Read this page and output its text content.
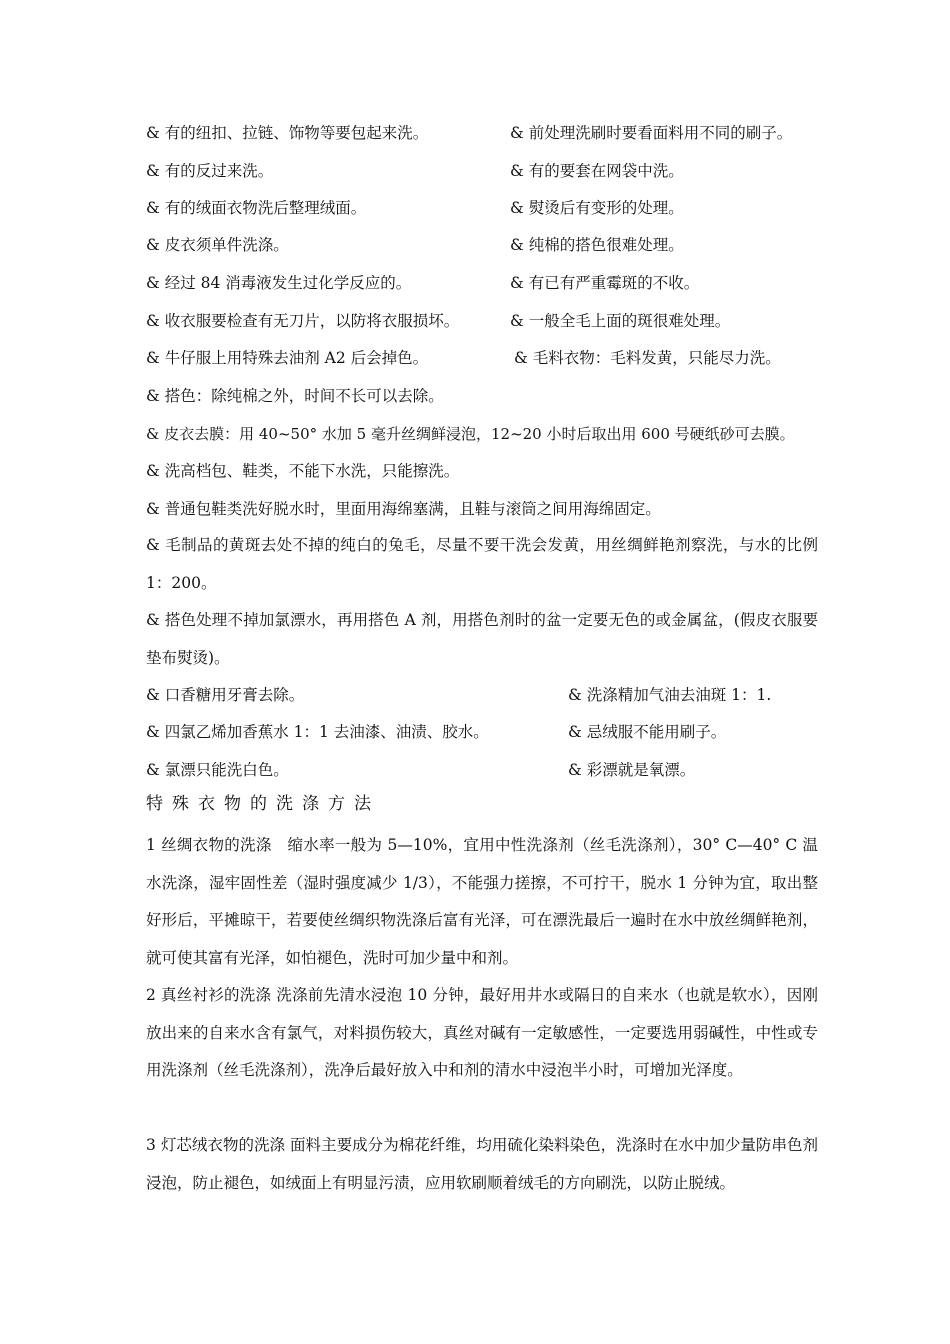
& 有的纽扣、拉链、饰物等要包起来洗。	& 前处理洗刷时要看面料用不同的刷子。
& 有的反过来洗。	& 有的要套在网袋中洗。
& 有的绒面衣物洗后整理绒面。	& 熨烫后有变形的处理。
& 皮衣须单件洗涤。	& 纯棉的搭色很难处理。
& 经过 84 消毒液发生过化学反应的。	& 有已有严重霉斑的不收。
& 收衣服要检查有无刀片，以防将衣服损坏。	& 一般全毛上面的斑很难处理。
& 牛仔服上用特殊去油剂 A2 后会掉色。	& 毛料衣物：毛料发黄，只能尽力洗。
& 搭色：除纯棉之外，时间不长可以去除。
& 皮衣去膜：用 40~50° 水加 5 毫升丝绸鲜浸泡，12~20 小时后取出用 600 号硬纸砂可去膜。
& 洗高档包、鞋类，不能下水洗，只能擦洗。
& 普通包鞋类洗好脱水时，里面用海绵塞满，且鞋与滚筒之间用海绵固定。
& 毛制品的黄斑去处不掉的纯白的兔毛，尽量不要干洗会发黄，用丝绸鲜艳剂察洗，与水的比例 1：200。
& 搭色处理不掉加氯漂水，再用搭色 A 剂，用搭色剂时的盆一定要无色的或金属盆，(假皮衣服要垫布熨烫)。
& 口香糖用牙膏去除。	& 洗涤精加气油去油斑 1：1.
& 四氯乙烯加香蕉水 1：1 去油漆、油渍、胶水。	& 忌绒服不能用刷子。
& 氯漂只能洗白色。	& 彩漂就是氧漂。
特殊衣物的洗涤方法
1 丝绸衣物的洗涤　缩水率一般为 5—10%，宜用中性洗涤剂（丝毛洗涤剂），30° C—40° C 温水洗涤，湿牢固性差（湿时强度减少 1/3），不能强力搓擦，不可拧干，脱水 1 分钟为宜，取出整好形后，平摊晾干，若要使丝绸织物洗涤后富有光泽，可在漂洗最后一遍时在水中放丝绸鲜艳剂，就可使其富有光泽，如怕褪色，洗时可加少量中和剂。
2 真丝衬衫的洗涤 洗涤前先清水浸泡 10 分钟，最好用井水或隔日的自来水（也就是软水），因刚放出来的自来水含有氯气，对料损伤较大，真丝对碱有一定敏感性，一定要选用弱碱性，中性或专用洗涤剂（丝毛洗涤剂），洗净后最好放入中和剂的清水中浸泡半小时，可增加光泽度。
3 灯芯绒衣物的洗涤 面料主要成分为棉花纤维，均用硫化染料染色，洗涤时在水中加少量防串色剂浸泡，防止褪色，如绒面上有明显污渍，应用软刷顺着绒毛的方向刷洗，以防止脱绒。
